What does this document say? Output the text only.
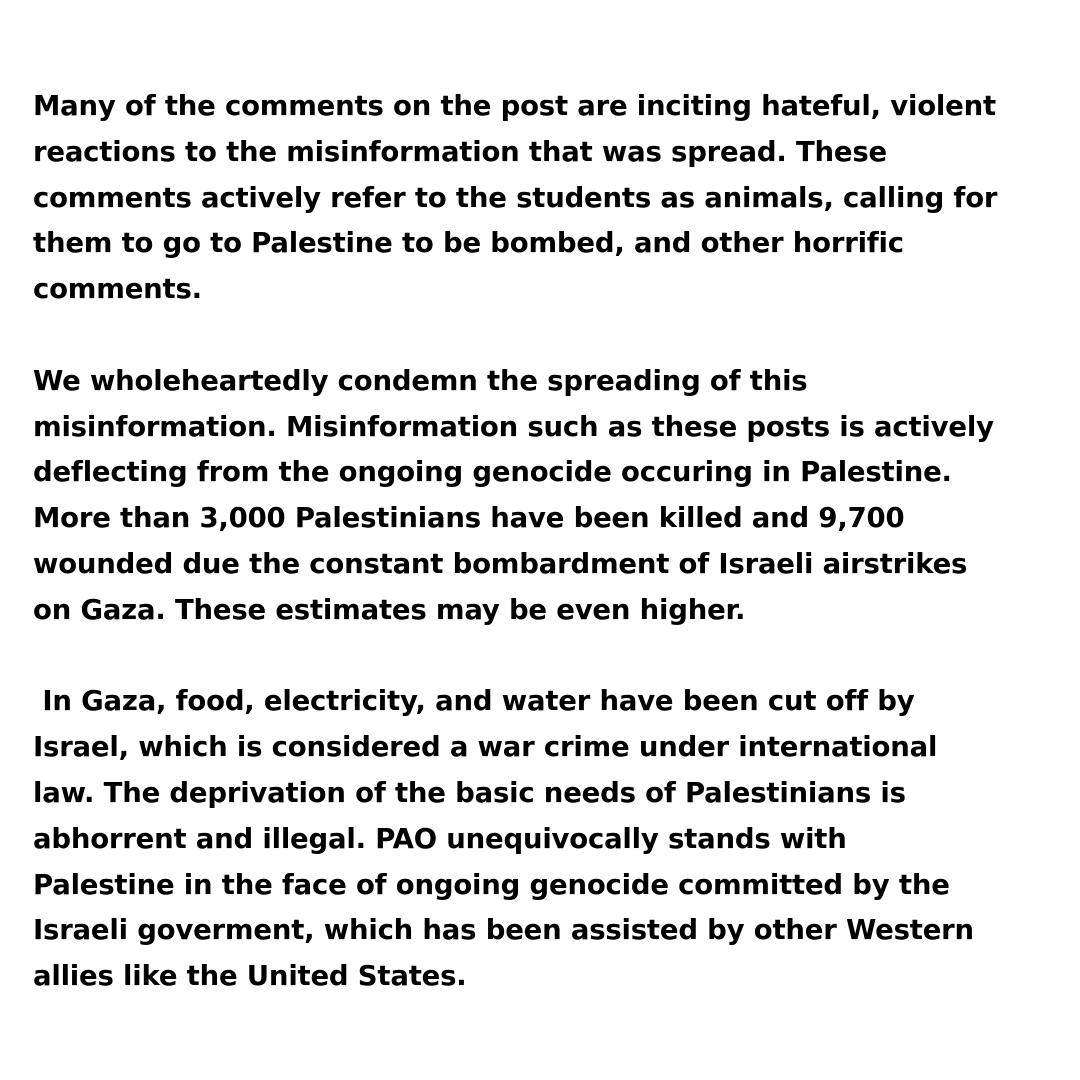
Many of the comments on the post are inciting hateful, violent
reactions to the misinformation that was spread. These
comments actively refer to the students as animals, calling for
them to go to Palestine to be bombed, and other horrific
comments.
We wholeheartedly condemn the spreading of this
misinformation. Misinformation such as these posts is actively
deflecting from the ongoing genocide occuring in Palestine.
More than 3,000 Palestinians have been killed and 9,700
wounded due the constant bombardment of Israeli airstrikes
on Gaza. These estimates may be even higher.
In Gaza, food, electricity, and water have been cut off by
Israel, which is considered a war crime under international
law. The deprivation of the basic needs of Palestinians is
abhorrent and illegal. PAO unequivocally stands with
Palestine in the face of ongoing genocide committed by the
Israeli goverment, which has been assisted by other Western
allies like the United States.
